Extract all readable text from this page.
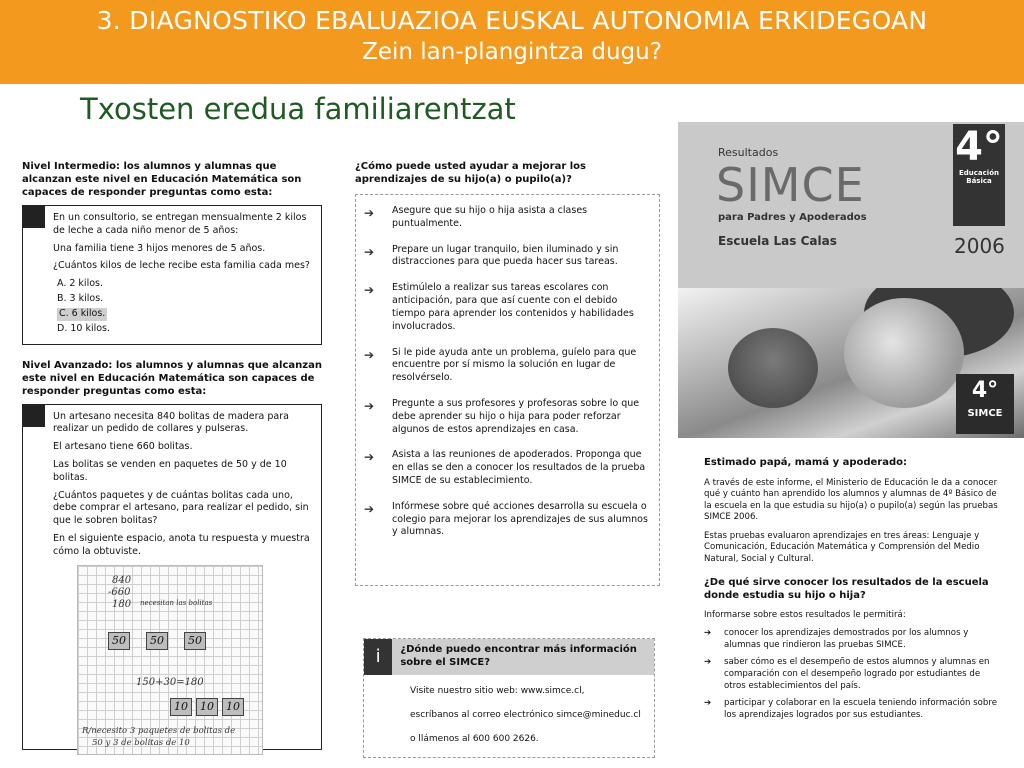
3. DIAGNOSTIKO EBALUAZIOA EUSKAL AUTONOMIA ERKIDEGOAN
Zein lan-plangintza dugu?
Txosten eredua familiarentzat
Nivel Intermedio: los alumnos y alumnas que alcanzan este nivel en Educación Matemática son capaces de responder preguntas como esta:

En un consultorio, se entregan mensualmente 2 kilos de leche a cada niño menor de 5 años:

Una familia tiene 3 hijos menores de 5 años.

¿Cuántos kilos de leche recibe esta familia cada mes?

A. 2 kilos.
B. 3 kilos.
C. 6 kilos.
D. 10 kilos.
Nivel Avanzado: los alumnos y alumnas que alcanzan este nivel en Educación Matemática son capaces de responder preguntas como esta:

Un artesano necesita 840 bolitas de madera para realizar un pedido de collares y pulseras.

El artesano tiene 660 bolitas.

Las bolitas se venden en paquetes de 50 y de 10 bolitas.

¿Cuántos paquetes y de cuántas bolitas cada uno, debe comprar el artesano, para realizar el pedido, sin que le sobren bolitas?

En el siguiente espacio, anota tu respuesta y muestra cómo la obtuviste.

840
-660
180 necesitan las bolitas
50	50	50
150+30=180
10	10	10
R/necesito 3 paquetes de bolitas de
50 y 3 de bolitas de 10
¿Cómo puede usted ayudar a mejorar los aprendizajes de su hijo(a) o pupilo(a)?
➔	Asegure que su hijo o hija asista a clases puntualmente.
➔	Prepare un lugar tranquilo, bien iluminado y sin distracciones para que pueda hacer sus tareas.
➔	Estimúlelo a realizar sus tareas escolares con anticipación, para que así cuente con el debido tiempo para aprender los contenidos y habilidades involucrados.
➔	Si le pide ayuda ante un problema, guíelo para que encuentre por sí mismo la solución en lugar de resolvérselo.
➔	Pregunte a sus profesores y profesoras sobre lo que debe aprender su hijo o hija para poder reforzar algunos de estos aprendizajes en casa.
➔	Asista a las reuniones de apoderados. Proponga que en ellas se den a conocer los resultados de la prueba SIMCE de su establecimiento.
➔	Infórmese sobre qué acciones desarrolla su escuela o colegio para mejorar los aprendizajes de sus alumnos y alumnas.
i	¿Dónde puedo encontrar más información sobre el SIMCE?
Visite nuestro sitio web: www.simce.cl,
escríbanos al correo electrónico simce@mineduc.cl
o llámenos al 600 600 2626.
Resultados
SIMCE
para Padres y Apoderados
Escuela Las Calas
4°
Educación Básica
2006
4°
SIMCE
Estimado papá, mamá y apoderado:

A través de este informe, el Ministerio de Educación le da a conocer qué y cuánto han aprendido los alumnos y alumnas de 4º Básico de la escuela en la que estudia su hijo(a) o pupilo(a) según las pruebas SIMCE 2006.

Estas pruebas evaluaron aprendizajes en tres áreas: Lenguaje y Comunicación, Educación Matemática y Comprensión del Medio Natural, Social y Cultural.

¿De qué sirve conocer los resultados de la escuela donde estudia su hijo o hija?

Informarse sobre estos resultados le permitirá:

➔	conocer los aprendizajes demostrados por los alumnos y alumnas que rindieron las pruebas SIMCE.
➔	saber cómo es el desempeño de estos alumnos y alumnas en comparación con el desempeño logrado por estudiantes de otros establecimientos del país.
➔	participar y colaborar en la escuela teniendo información sobre los aprendizajes logrados por sus estudiantes.
